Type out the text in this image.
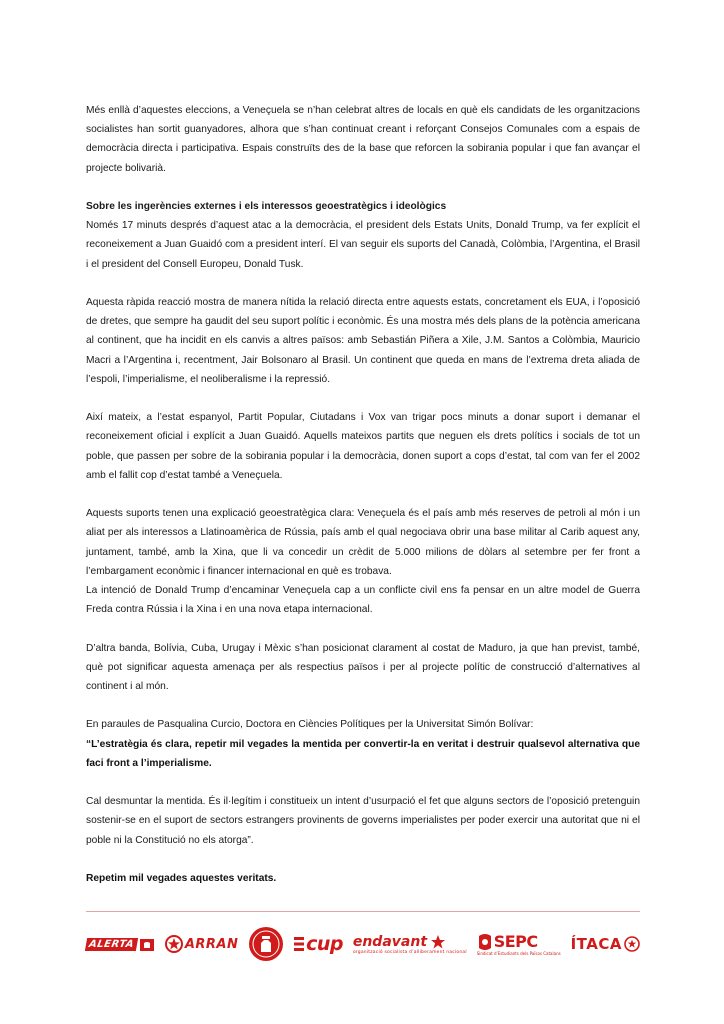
Més enllà d’aquestes eleccions, a Veneçuela se n’han celebrat altres de locals en què els candidats de les organitzacions socialistes han sortit guanyadores, alhora que s’han continuat creant i reforçant Consejos Comunales com a espais de democràcia directa i participativa. Espais construïts des de la base que reforcen la sobirania popular i que fan avançar el projecte bolivarià.

Sobre les ingerències externes i els interessos geoestratègics i ideològics
Només 17 minuts després d’aquest atac a la democràcia, el president dels Estats Units, Donald Trump, va fer explícit el reconeixement a Juan Guaidó com a president interí. El van seguir els suports del Canadà, Colòmbia, l’Argentina, el Brasil i el president del Consell Europeu, Donald Tusk.

Aquesta ràpida reacció mostra de manera nítida la relació directa entre aquests estats, concretament els EUA, i l’oposició de dretes, que sempre ha gaudit del seu suport polític i econòmic. És una mostra més dels plans de la potència americana al continent, que ha incidit en els canvis a altres països: amb Sebastián Piñera a Xile, J.M. Santos a Colòmbia, Mauricio Macri a l’Argentina i, recentment, Jair Bolsonaro al Brasil. Un continent que queda en mans de l’extrema dreta aliada de l’espoli, l’imperialisme, el neoliberalisme i la repressió.

Així mateix, a l’estat espanyol, Partit Popular, Ciutadans i Vox van trigar pocs minuts a donar suport i demanar el reconeixement oficial i explícit a Juan Guaidó. Aquells mateixos partits que neguen els drets polítics i socials de tot un poble, que passen per sobre de la sobirania popular i la democràcia, donen suport a cops d’estat, tal com van fer el 2002 amb el fallit cop d’estat també a Veneçuela.

Aquests suports tenen una explicació geoestratègica clara: Veneçuela és el país amb més reserves de petroli al món i un aliat per als interessos a Llatinoamèrica de Rússia, país amb el qual negociava obrir una base militar al Carib aquest any, juntament, també, amb la Xina, que li va concedir un crèdit de 5.000 milions de dòlars al setembre per fer front a l’embargament econòmic i financer internacional en què es trobava.

La intenció de Donald Trump d’encaminar Veneçuela cap a un conflicte civil ens fa pensar en un altre model de Guerra Freda contra Rússia i la Xina i en una nova etapa internacional.

D’altra banda, Bolívia, Cuba, Urugay i Mèxic s’han posicionat clarament al costat de Maduro, ja que han previst, també, què pot significar aquesta amenaça per als respectius països i per al projecte polític de construcció d’alternatives al continent i al món.

En paraules de Pasqualina Curcio, Doctora en Ciències Polítiques per la Universitat Simón Bolívar:

“L’estratègia és clara, repetir mil vegades la mentida per convertir-la en veritat i destruir qualsevol alternativa que faci front a l’imperialisme.

Cal desmuntar la mentida. És il·legítim i constitueix un intent d’usurpació el fet que alguns sectors de l’oposició pretenguin sostenir-se en el suport de sectors estrangers provinents de governs imperialistes per poder exercir una autoritat que ni el poble ni la Constitució no els atorga”.

Repetim mil vegades aquestes veritats.

ALERTA	ARRAN	cup endavant
organització socialista d’alliberament nacional
SEPC
Sindicat d’Estudiants dels Països Catalans
ÍTACA
